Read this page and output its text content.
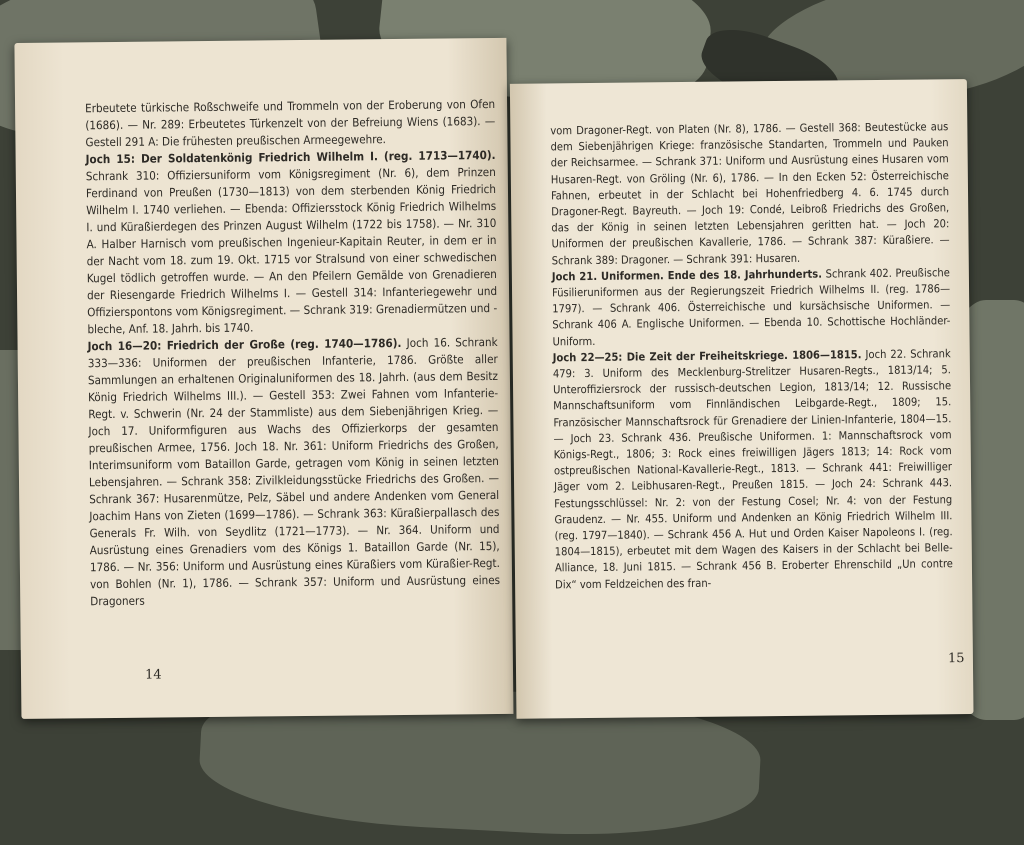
Erbeutete türkische Roßschweife und Trommeln von der Eroberung von Ofen (1686). — Nr. 289: Erbeutetes Türkenzelt von der Befreiung Wiens (1683). — Gestell 291 A: Die frühesten preußischen Armeegewehre.

Joch 15: Der Soldatenkönig Friedrich Wilhelm I. (reg. 1713—1740). Schrank 310: Offiziersuniform vom Königsregiment (Nr. 6), dem Prinzen Ferdinand von Preußen (1730—1813) von dem sterbenden König Friedrich Wilhelm I. 1740 verliehen. — Ebenda: Offiziersstock König Friedrich Wilhelms I. und Küraßierdegen des Prinzen August Wilhelm (1722 bis 1758). — Nr. 310 A. Halber Harnisch vom preußischen Ingenieur-Kapitain Reuter, in dem er in der Nacht vom 18. zum 19. Okt. 1715 vor Stralsund von einer schwedischen Kugel tödlich getroffen wurde. — An den Pfeilern Gemälde von Grenadieren der Riesengarde Friedrich Wilhelms I. — Gestell 314: Infanteriegewehr und Offizierspontons vom Königsregiment. — Schrank 319: Grenadiermützen und -bleche, Anf. 18. Jahrh. bis 1740.

Joch 16—20: Friedrich der Große (reg. 1740—1786). Joch 16. Schrank 333—336: Uniformen der preußischen Infanterie, 1786. Größte aller Sammlungen an erhaltenen Originaluniformen des 18. Jahrh. (aus dem Besitz König Friedrich Wilhelms III.). — Gestell 353: Zwei Fahnen vom Infanterie-Regt. v. Schwerin (Nr. 24 der Stammliste) aus dem Siebenjährigen Krieg. — Joch 17. Uniformfiguren aus Wachs des Offizierkorps der gesamten preußischen Armee, 1756. Joch 18. Nr. 361: Uniform Friedrichs des Großen, Interimsuniform vom Bataillon Garde, getragen vom König in seinen letzten Lebensjahren. — Schrank 358: Zivilkleidungsstücke Friedrichs des Großen. — Schrank 367: Husarenmütze, Pelz, Säbel und andere Andenken vom General Joachim Hans von Zieten (1699—1786). — Schrank 363: Küraßierpallasch des Generals Fr. Wilh. von Seydlitz (1721—1773). — Nr. 364. Uniform und Ausrüstung eines Grenadiers vom des Königs 1. Bataillon Garde (Nr. 15), 1786. — Nr. 356: Uniform und Ausrüstung eines Küraßiers vom Küraßier-Regt. von Bohlen (Nr. 1), 1786. — Schrank 357: Uniform und Ausrüstung eines Dragoners

14

vom Dragoner-Regt. von Platen (Nr. 8), 1786. — Gestell 368: Beutestücke aus dem Siebenjährigen Kriege: französische Standarten, Trommeln und Pauken der Reichsarmee. — Schrank 371: Uniform und Ausrüstung eines Husaren vom Husaren-Regt. von Gröling (Nr. 6), 1786. — In den Ecken 52: Österreichische Fahnen, erbeutet in der Schlacht bei Hohenfriedberg 4. 6. 1745 durch Dragoner-Regt. Bayreuth. — Joch 19: Condé, Leibroß Friedrichs des Großen, das der König in seinen letzten Lebensjahren geritten hat. — Joch 20: Uniformen der preußischen Kavallerie, 1786. — Schrank 387: Küraßiere. — Schrank 389: Dragoner. — Schrank 391: Husaren.

Joch 21. Uniformen. Ende des 18. Jahrhunderts. Schrank 402. Preußische Füsilieruniformen aus der Regierungszeit Friedrich Wilhelms II. (reg. 1786—1797). — Schrank 406. Österreichische und kursächsische Uniformen. — Schrank 406 A. Englische Uniformen. — Ebenda 10. Schottische Hochländer-Uniform.

Joch 22—25: Die Zeit der Freiheitskriege. 1806—1815. Joch 22. Schrank 479: 3. Uniform des Mecklenburg-Strelitzer Husaren-Regts., 1813/14; 5. Unteroffiziersrock der russisch-deutschen Legion, 1813/14; 12. Russische Mannschaftsuniform vom Finnländischen Leibgarde-Regt., 1809; 15. Französischer Mannschaftsrock für Grenadiere der Linien-Infanterie, 1804—15. — Joch 23. Schrank 436. Preußische Uniformen. 1: Mannschaftsrock vom Königs-Regt., 1806; 3: Rock eines freiwilligen Jägers 1813; 14: Rock vom ostpreußischen National-Kavallerie-Regt., 1813. — Schrank 441: Freiwilliger Jäger vom 2. Leibhusaren-Regt., Preußen 1815. — Joch 24: Schrank 443. Festungsschlüssel: Nr. 2: von der Festung Cosel; Nr. 4: von der Festung Graudenz. — Nr. 455. Uniform und Andenken an König Friedrich Wilhelm III. (reg. 1797—1840). — Schrank 456 A. Hut und Orden Kaiser Napoleons I. (reg. 1804—1815), erbeutet mit dem Wagen des Kaisers in der Schlacht bei Belle-Alliance, 18. Juni 1815. — Schrank 456 B. Eroberter Ehrenschild „Un contre Dix“ vom Feldzeichen des fran-

15
